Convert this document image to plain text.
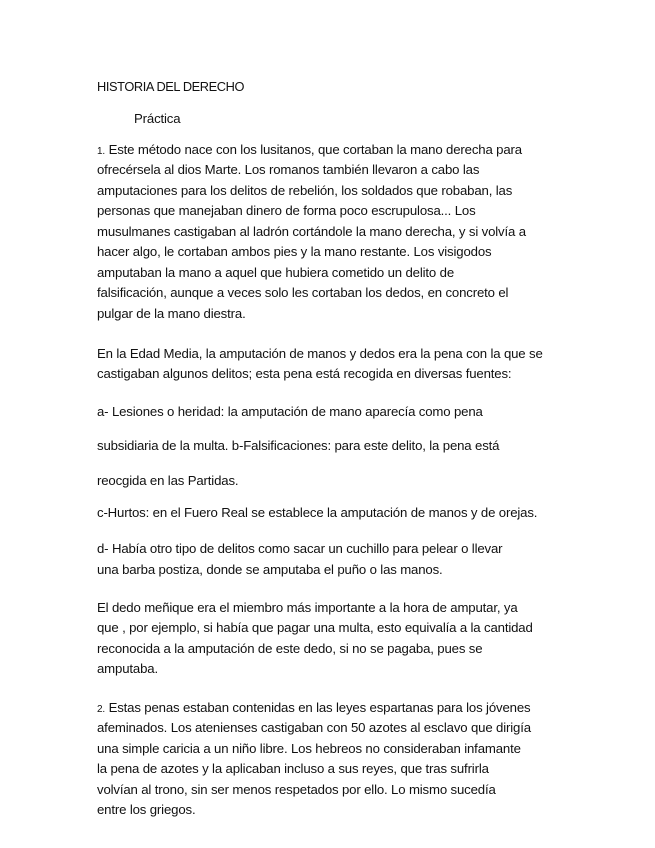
HISTORIA DEL DERECHO
Práctica
1. Este método nace con los lusitanos, que cortaban la mano derecha para
ofrecérsela al dios Marte. Los romanos también llevaron a cabo las
amputaciones para los delitos de rebelión, los soldados que robaban, las
personas que manejaban dinero de forma poco escrupulosa... Los
musulmanes castigaban al ladrón cortándole la mano derecha, y si volvía a
hacer algo, le cortaban ambos pies y la mano restante. Los visigodos
amputaban la mano a aquel que hubiera cometido un delito de
falsificación, aunque a veces solo les cortaban los dedos, en concreto el
pulgar de la mano diestra.
En la Edad Media, la amputación de manos y dedos era la pena con la que se
castigaban algunos delitos; esta pena está recogida en diversas fuentes:
a- Lesiones o heridad: la amputación de mano aparecía como pena
subsidiaria de la multa. b-Falsificaciones: para este delito, la pena está
reocgida en las Partidas.
c-Hurtos: en el Fuero Real se establece la amputación de manos y de orejas.
d- Había otro tipo de delitos como sacar un cuchillo para pelear o llevar
una barba postiza, donde se amputaba el puño o las manos.
El dedo meñique era el miembro más importante a la hora de amputar, ya
que , por ejemplo, si había que pagar una multa, esto equivalía a la cantidad
reconocida a la amputación de este dedo, si no se pagaba, pues se
amputaba.
2. Estas penas estaban contenidas en las leyes espartanas para los jóvenes
afeminados. Los atenienses castigaban con 50 azotes al esclavo que dirigía
una simple caricia a un niño libre. Los hebreos no consideraban infamante
la pena de azotes y la aplicaban incluso a sus reyes, que tras sufrirla
volvían al trono, sin ser menos respetados por ello. Lo mismo sucedía
entre los griegos.
